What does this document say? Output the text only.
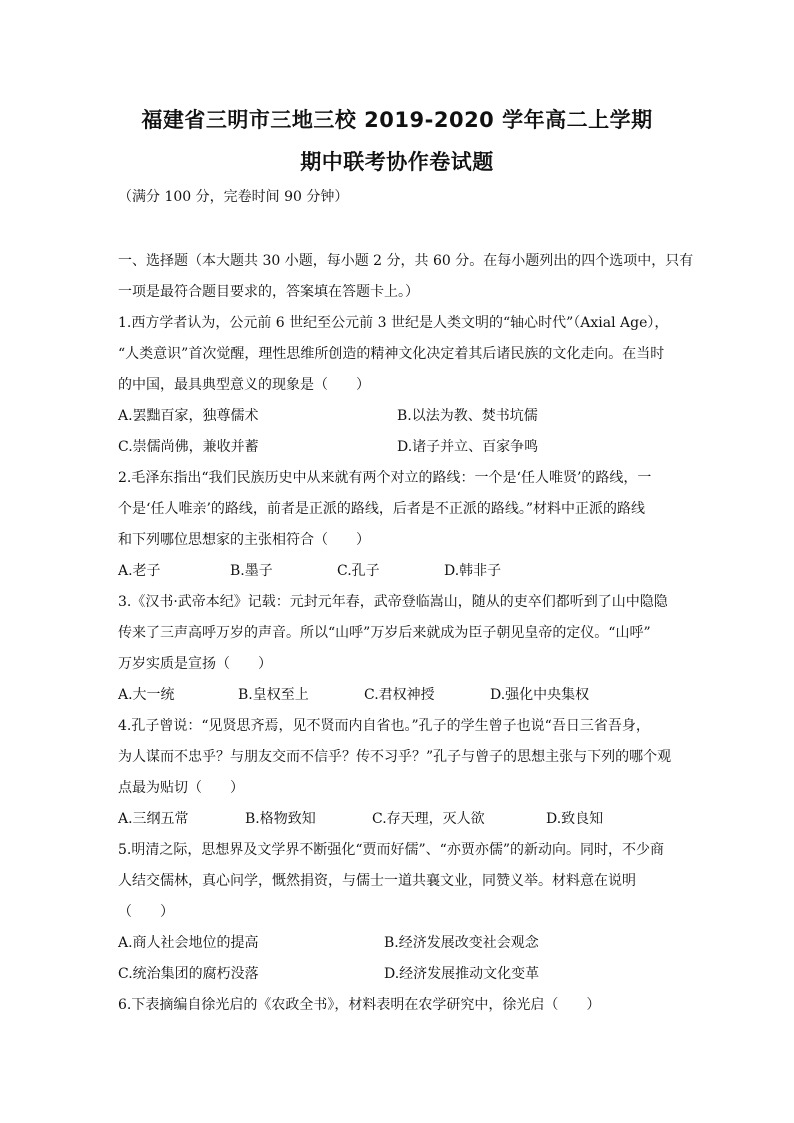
福建省三明市三地三校 2019-2020 学年高二上学期
期中联考协作卷试题
（满分 100 分，完卷时间 90 分钟）
一、选择题（本大题共 30 小题，每小题 2 分，共 60 分。在每小题列出的四个选项中，只有
一项是最符合题目要求的，答案填在答题卡上。）
1.西方学者认为，公元前 6 世纪至公元前 3 世纪是人类文明的“轴心时代”（Axial Age），
“人类意识”首次觉醒，理性思维所创造的精神文化决定着其后诸民族的文化走向。在当时
的中国，最具典型意义的现象是（　　）
A.罢黜百家，独尊儒术	B.以法为教、焚书坑儒
C.崇儒尚佛，兼收并蓄	D.诸子并立、百家争鸣
2.毛泽东指出“我们民族历史中从来就有两个对立的路线：一个是‘任人唯贤’的路线，一
个是‘任人唯亲’的路线，前者是正派的路线，后者是不正派的路线。”材料中正派的路线
和下列哪位思想家的主张相符合（　　）
A.老子	B.墨子	C.孔子	D.韩非子
3.《汉书·武帝本纪》记载：元封元年春，武帝登临嵩山，随从的吏卒们都听到了山中隐隐
传来了三声高呼万岁的声音。所以“山呼”万岁后来就成为臣子朝见皇帝的定仪。“山呼”
万岁实质是宣扬（　　）
A.大一统	B.皇权至上	C.君权神授	D.强化中央集权
4.孔子曾说：“见贤思齐焉，见不贤而内自省也。”孔子的学生曾子也说“吾日三省吾身，
为人谋而不忠乎？与朋友交而不信乎？传不习乎？”孔子与曾子的思想主张与下列的哪个观
点最为贴切（　　）
A.三纲五常	B.格物致知	C.存天理，灭人欲	D.致良知
5.明清之际，思想界及文学界不断强化“贾而好儒”、“亦贾亦儒”的新动向。同时，不少商
人结交儒林，真心问学，慨然捐资，与儒士一道共襄文业，同赞义举。材料意在说明
（　　）
A.商人社会地位的提高	B.经济发展改变社会观念
C.统治集团的腐朽没落	D.经济发展推动文化变革
6.下表摘编自徐光启的《农政全书》，材料表明在农学研究中，徐光启（　　）
